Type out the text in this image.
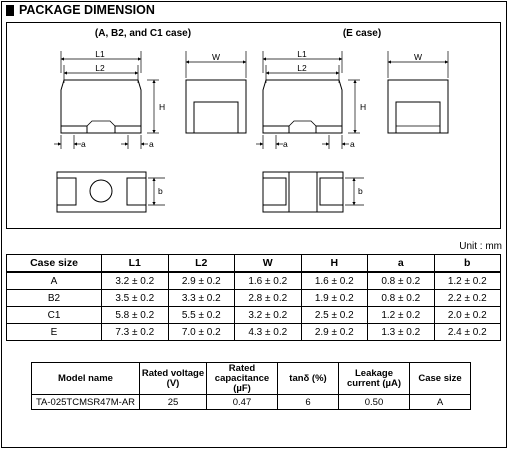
PACKAGE DIMENSION
(A, B2, and C1 case)	(E case)
L1
L2
H
a	a
W
b
L1
L2
H
a	a
W
b
Unit : mm
Case size	L1	L2	W	H	a	b
A	3.2 ± 0.2	2.9 ± 0.2	1.6 ± 0.2	1.6 ± 0.2	0.8 ± 0.2	1.2 ± 0.2
B2	3.5 ± 0.2	3.3 ± 0.2	2.8 ± 0.2	1.9 ± 0.2	0.8 ± 0.2	2.2 ± 0.2
C1	5.8 ± 0.2	5.5 ± 0.2	3.2 ± 0.2	2.5 ± 0.2	1.2 ± 0.2	2.0 ± 0.2
E	7.3 ± 0.2	7.0 ± 0.2	4.3 ± 0.2	2.9 ± 0.2	1.3 ± 0.2	2.4 ± 0.2
Model name	Rated voltage (V)	Rated capacitance (µF)	tanδ (%)	Leakage current (µA)	Case size
TA-025TCMSR47M-AR	25	0.47	6	0.50	A
